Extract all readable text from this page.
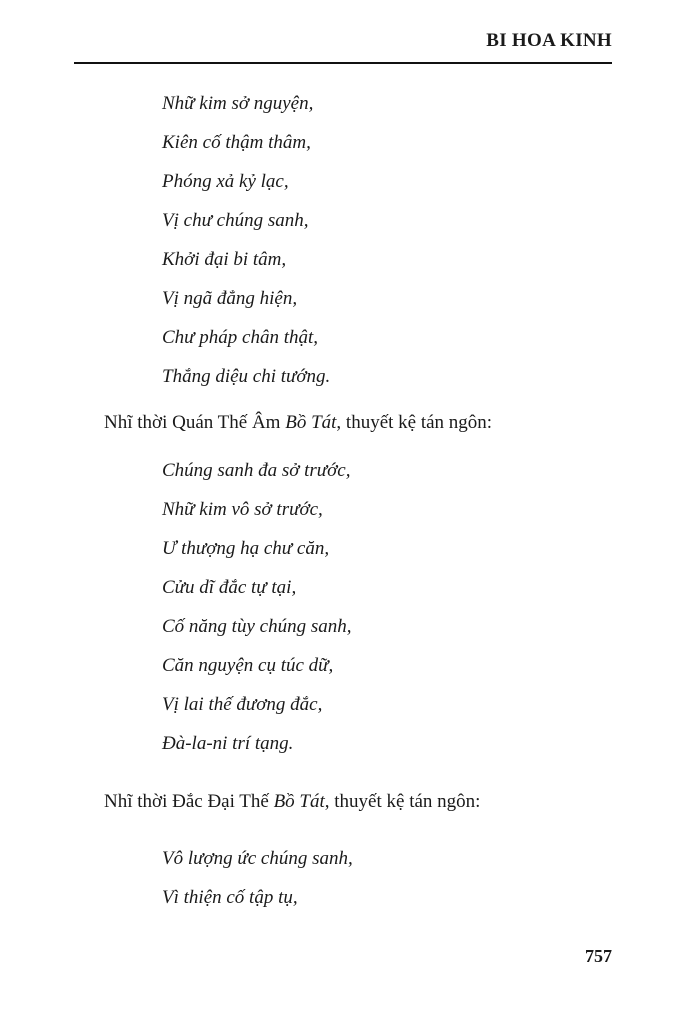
BI HOA KINH
Nhữ kim sở nguyện,
Kiên cố thậm thâm,
Phóng xả kỷ lạc,
Vị chư chúng sanh,
Khởi đại bi tâm,
Vị ngã đẳng hiện,
Chư pháp chân thật,
Thắng diệu chi tướng.
Nhĩ thời Quán Thế Âm Bồ Tát, thuyết kệ tán ngôn:
Chúng sanh đa sở trước,
Nhữ kim vô sở trước,
Ư thượng hạ chư căn,
Cửu dĩ đắc tự tại,
Cố năng tùy chúng sanh,
Căn nguyện cụ túc dữ,
Vị lai thế đương đắc,
Đà-la-ni trí tạng.
Nhĩ thời Đắc Đại Thế Bồ Tát, thuyết kệ tán ngôn:
Vô lượng ức chúng sanh,
Vì thiện cố tập tụ,
757
